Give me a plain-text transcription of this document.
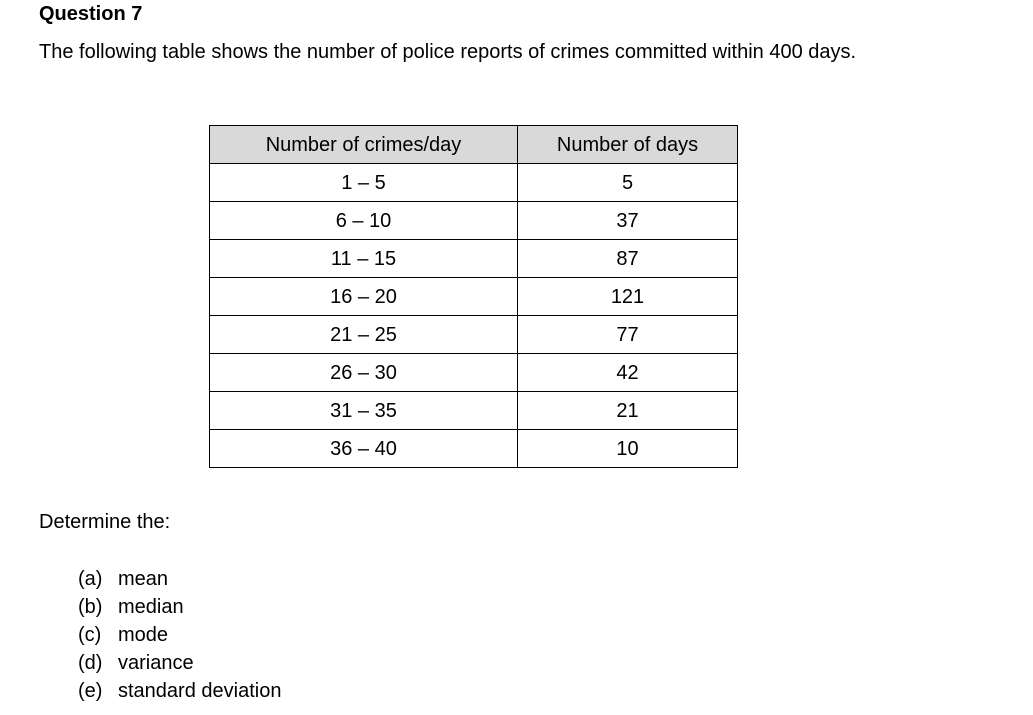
Question 7

The following table shows the number of police reports of crimes committed within 400 days.

Number of crimes/day	Number of days
1 – 5	5
6 – 10	37
11 – 15	87
16 – 20	121
21 – 25	77
26 – 30	42
31 – 35	21
36 – 40	10

Determine the:

(a) mean
(b) median
(c) mode
(d) variance
(e) standard deviation
